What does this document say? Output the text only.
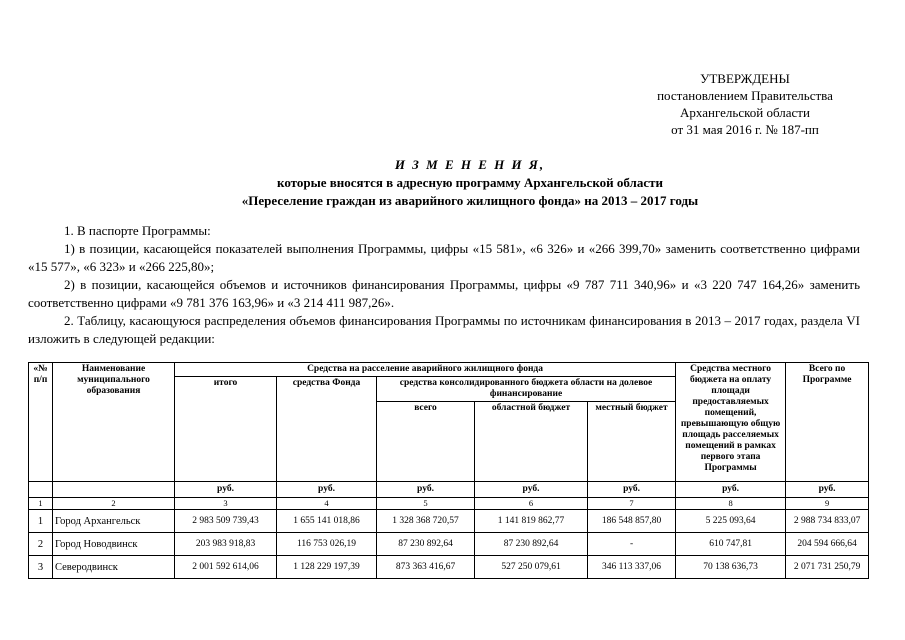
УТВЕРЖДЕНЫ
постановлением Правительства
Архангельской области
от 31 мая 2016 г. № 187-пп
И З М Е Н Е Н И Я,
которые вносятся в адресную программу Архангельской области
«Переселение граждан из аварийного жилищного фонда» на 2013 – 2017 годы

1. В паспорте Программы:

1) в позиции, касающейся показателей выполнения Программы, цифры «15 581», «6 326» и «266 399,70» заменить соответственно цифрами «15 577», «6 323» и «266 225,80»;

2) в позиции, касающейся объемов и источников финансирования Программы, цифры «9 787 711 340,96» и «3 220 747 164,26» заменить соответственно цифрами «9 781 376 163,96» и «3 214 411 987,26».

2. Таблицу, касающуюся распределения объемов финансирования Программы по источникам финансирования в 2013 – 2017 годах, раздела VI изложить в следующей редакции:

«№ п/п	Наименование муниципального образования	Средства на расселение аварийного жилищного фонда					Средства местного бюджета на оплату площади предоставляемых помещений, превышающую общую площадь расселяемых помещений в рамках первого этапа Программы	Всего по Программе
		итого	средства Фонда	средства консолидированного бюджета области на долевое финансирование				
				всего	областной бюджет	местный бюджет		
		руб.	руб.	руб.	руб.	руб.	руб.	руб.
1	2	3	4	5	6	7	8	9
1	Город Архангельск	2 983 509 739,43	1 655 141 018,86	1 328 368 720,57	1 141 819 862,77	186 548 857,80	5 225 093,64	2 988 734 833,07
2	Город Новодвинск	203 983 918,83	116 753 026,19	87 230 892,64	87 230 892,64	-	610 747,81	204 594 666,64
3	Северодвинск	2 001 592 614,06	1 128 229 197,39	873 363 416,67	527 250 079,61	346 113 337,06	70 138 636,73	2 071 731 250,79
